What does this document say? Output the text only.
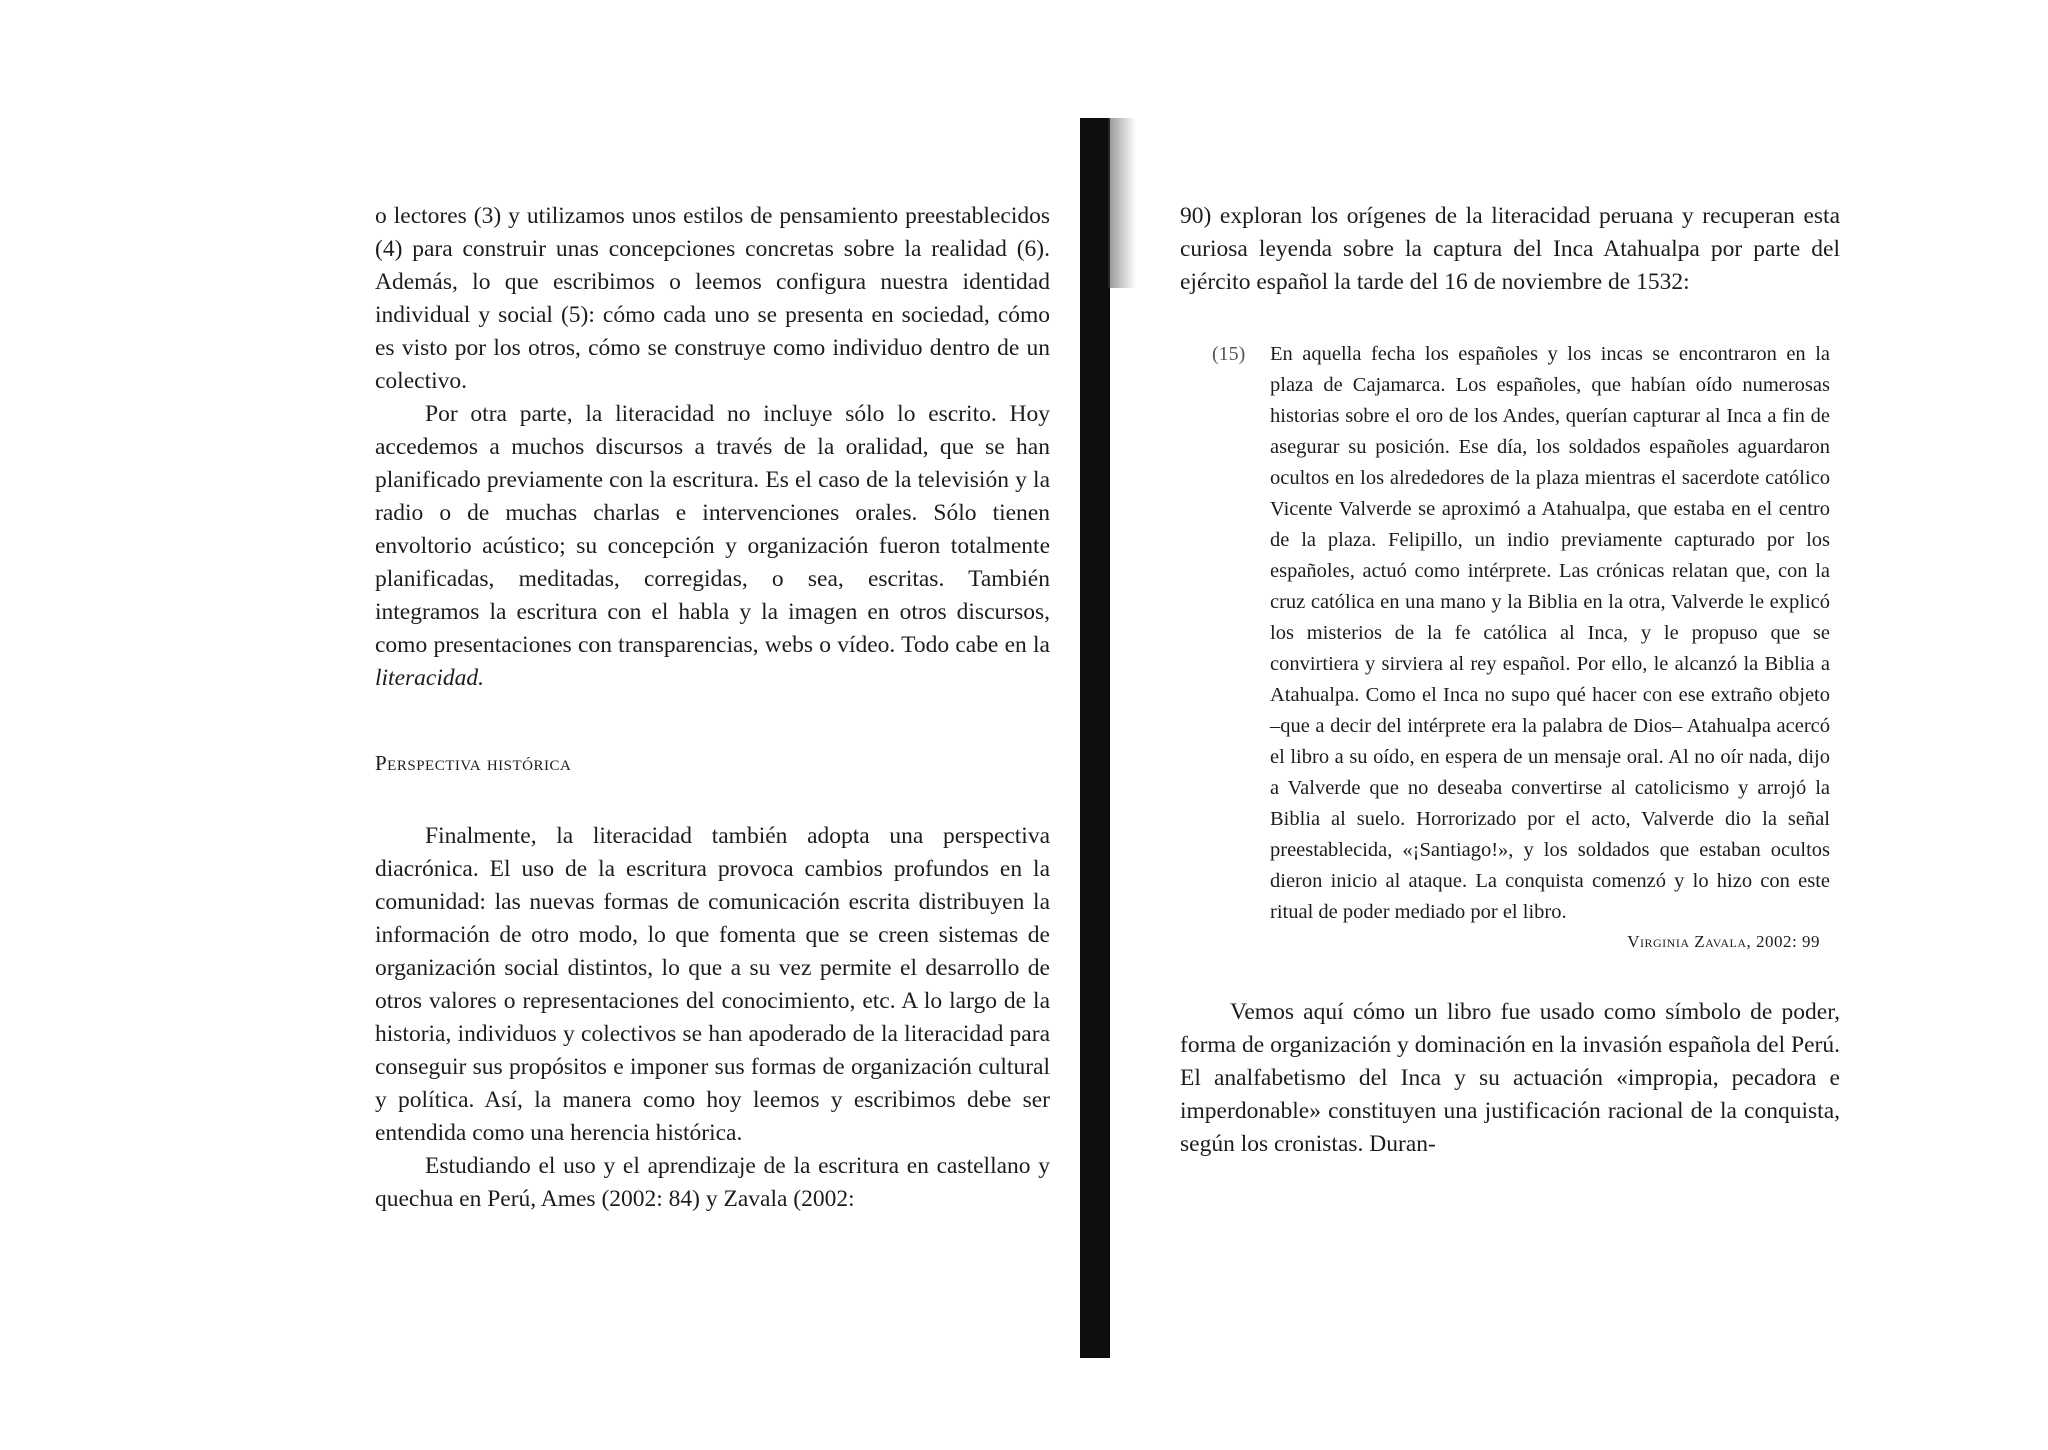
o lectores (3) y utilizamos unos estilos de pensamiento preestablecidos (4) para construir unas concepciones concretas sobre la realidad (6). Además, lo que escribimos o leemos configura nuestra identidad individual y social (5): cómo cada uno se presenta en sociedad, cómo es visto por los otros, cómo se construye como individuo dentro de un colectivo.

Por otra parte, la literacidad no incluye sólo lo escrito. Hoy accedemos a muchos discursos a través de la oralidad, que se han planificado previamente con la escritura. Es el caso de la televisión y la radio o de muchas charlas e intervenciones orales. Sólo tienen envoltorio acústico; su concepción y organización fueron totalmente planificadas, meditadas, corregidas, o sea, escritas. También integramos la escritura con el habla y la imagen en otros discursos, como presentaciones con transparencias, webs o vídeo. Todo cabe en la literacidad.

Perspectiva histórica

Finalmente, la literacidad también adopta una perspectiva diacrónica. El uso de la escritura provoca cambios profundos en la comunidad: las nuevas formas de comunicación escrita distribuyen la información de otro modo, lo que fomenta que se creen sistemas de organización social distintos, lo que a su vez permite el desarrollo de otros valores o representaciones del conocimiento, etc. A lo largo de la historia, individuos y colectivos se han apoderado de la literacidad para conseguir sus propósitos e imponer sus formas de organización cultural y política. Así, la manera como hoy leemos y escribimos debe ser entendida como una herencia histórica.

Estudiando el uso y el aprendizaje de la escritura en castellano y quechua en Perú, Ames (2002: 84) y Zavala (2002:

90) exploran los orígenes de la literacidad peruana y recuperan esta curiosa leyenda sobre la captura del Inca Atahualpa por parte del ejército español la tarde del 16 de noviembre de 1532:

(15) En aquella fecha los españoles y los incas se encontraron en la plaza de Cajamarca. Los españoles, que habían oído numerosas historias sobre el oro de los Andes, querían capturar al Inca a fin de asegurar su posición. Ese día, los soldados españoles aguardaron ocultos en los alrededores de la plaza mientras el sacerdote católico Vicente Valverde se aproximó a Atahualpa, que estaba en el centro de la plaza. Felipillo, un indio previamente capturado por los españoles, actuó como intérprete. Las crónicas relatan que, con la cruz católica en una mano y la Biblia en la otra, Valverde le explicó los misterios de la fe católica al Inca, y le propuso que se convirtiera y sirviera al rey español. Por ello, le alcanzó la Biblia a Atahualpa. Como el Inca no supo qué hacer con ese extraño objeto –que a decir del intérprete era la palabra de Dios– Atahualpa acercó el libro a su oído, en espera de un mensaje oral. Al no oír nada, dijo a Valverde que no deseaba convertirse al catolicismo y arrojó la Biblia al suelo. Horrorizado por el acto, Valverde dio la señal preestablecida, «¡Santiago!», y los soldados que estaban ocultos dieron inicio al ataque. La conquista comenzó y lo hizo con este ritual de poder mediado por el libro.

Virginia Zavala, 2002: 99

Vemos aquí cómo un libro fue usado como símbolo de poder, forma de organización y dominación en la invasión española del Perú. El analfabetismo del Inca y su actuación «impropia, pecadora e imperdonable» constituyen una justificación racional de la conquista, según los cronistas. Duran-
